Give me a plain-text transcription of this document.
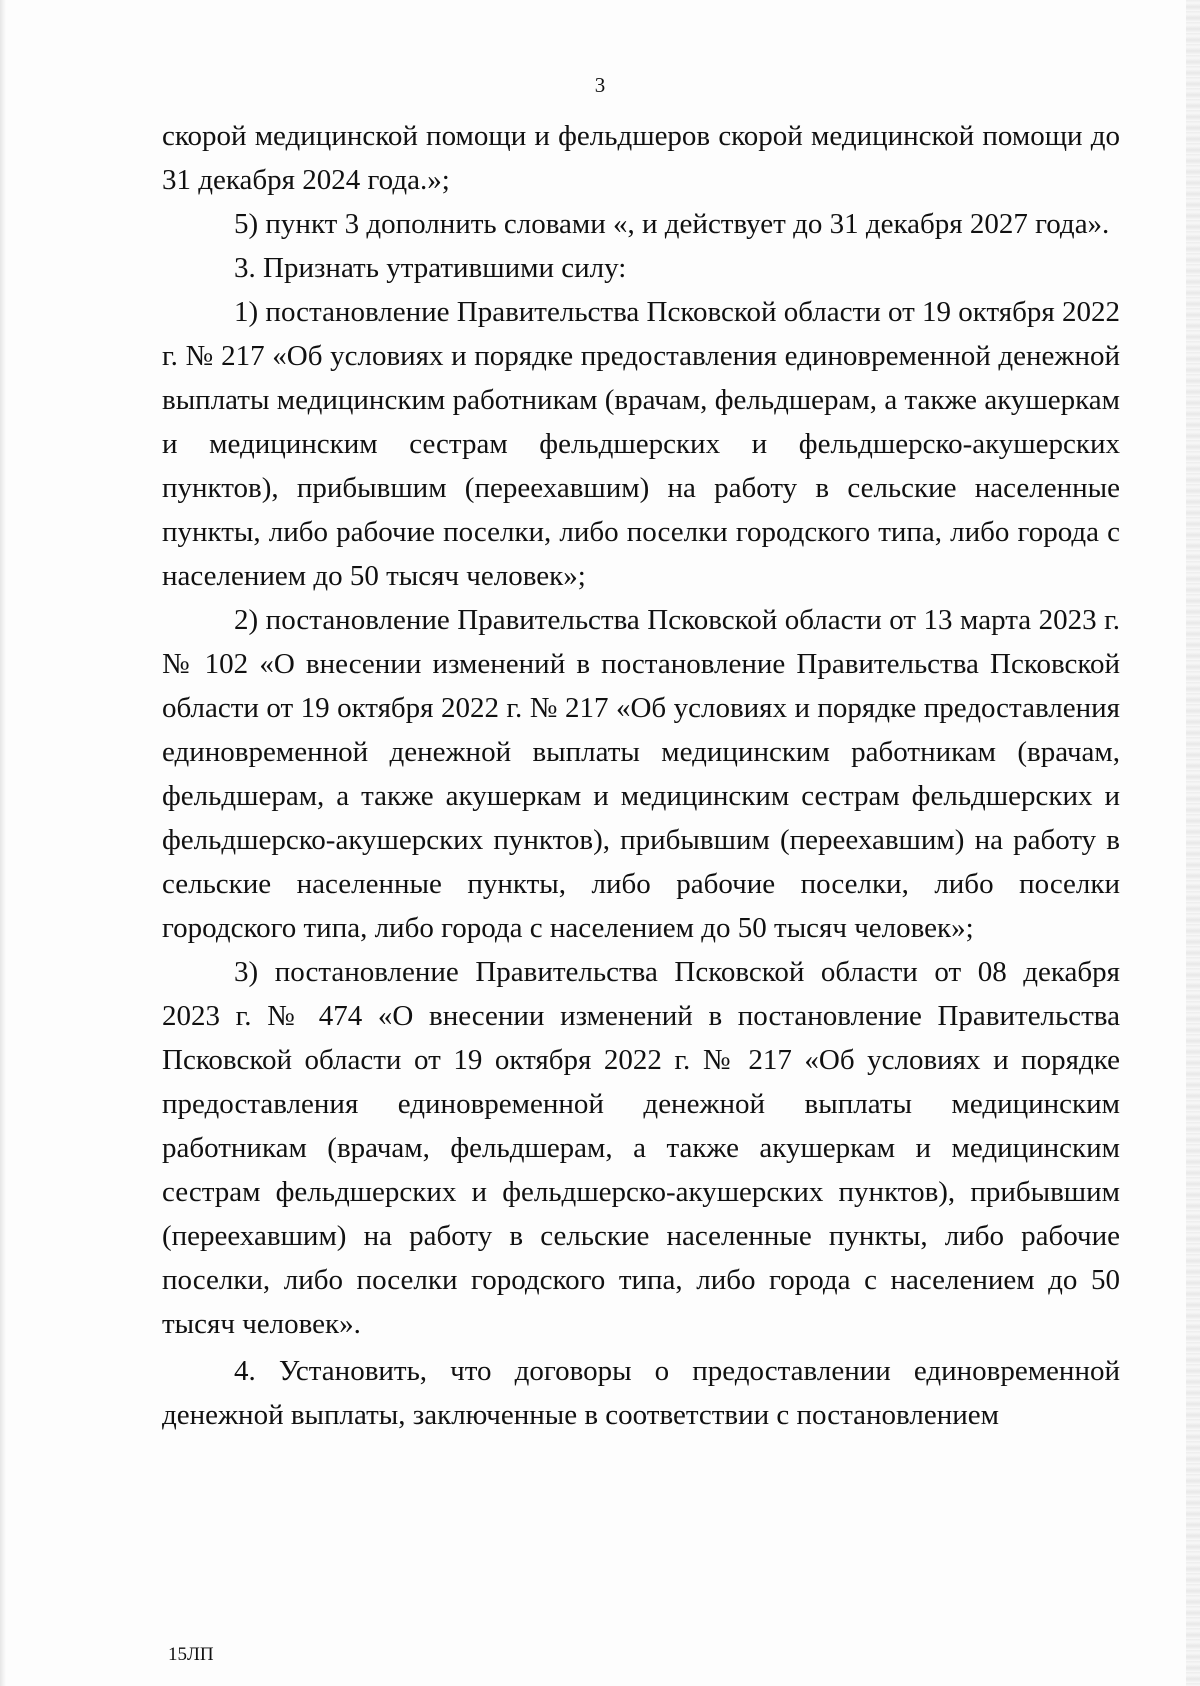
3

скорой медицинской помощи и фельдшеров скорой медицинской помощи до 31 декабря 2024 года.»;

5) пункт 3 дополнить словами «, и действует до 31 декабря 2027 года».

3. Признать утратившими силу:

1) постановление Правительства Псковской области от 19 октября 2022 г. № 217 «Об условиях и порядке предоставления единовременной денежной выплаты медицинским работникам (врачам, фельдшерам, а также акушеркам и медицинским сестрам фельдшерских и фельдшерско-акушерских пунктов), прибывшим (переехавшим) на работу в сельские населенные пункты, либо рабочие поселки, либо поселки городского типа, либо города с населением до 50 тысяч человек»;

2) постановление Правительства Псковской области от 13 марта 2023 г. № 102 «О внесении изменений в постановление Правительства Псковской области от 19 октября 2022 г. № 217 «Об условиях и порядке предоставления единовременной денежной выплаты медицинским работникам (врачам, фельдшерам, а также акушеркам и медицинским сестрам фельдшерских и фельдшерско-акушерских пунктов), прибывшим (переехавшим) на работу в сельские населенные пункты, либо рабочие поселки, либо поселки городского типа, либо города с населением до 50 тысяч человек»;

3) постановление Правительства Псковской области от 08 декабря 2023 г. № 474 «О внесении изменений в постановление Правительства Псковской области от 19 октября 2022 г. № 217 «Об условиях и порядке предоставления единовременной денежной выплаты медицинским работникам (врачам, фельдшерам, а также акушеркам и медицинским сестрам фельдшерских и фельдшерско-акушерских пунктов), прибывшим (переехавшим) на работу в сельские населенные пункты, либо рабочие поселки, либо поселки городского типа, либо города с населением до 50 тысяч человек».

4. Установить, что договоры о предоставлении единовременной денежной выплаты, заключенные в соответствии с постановлением

15ЛП
